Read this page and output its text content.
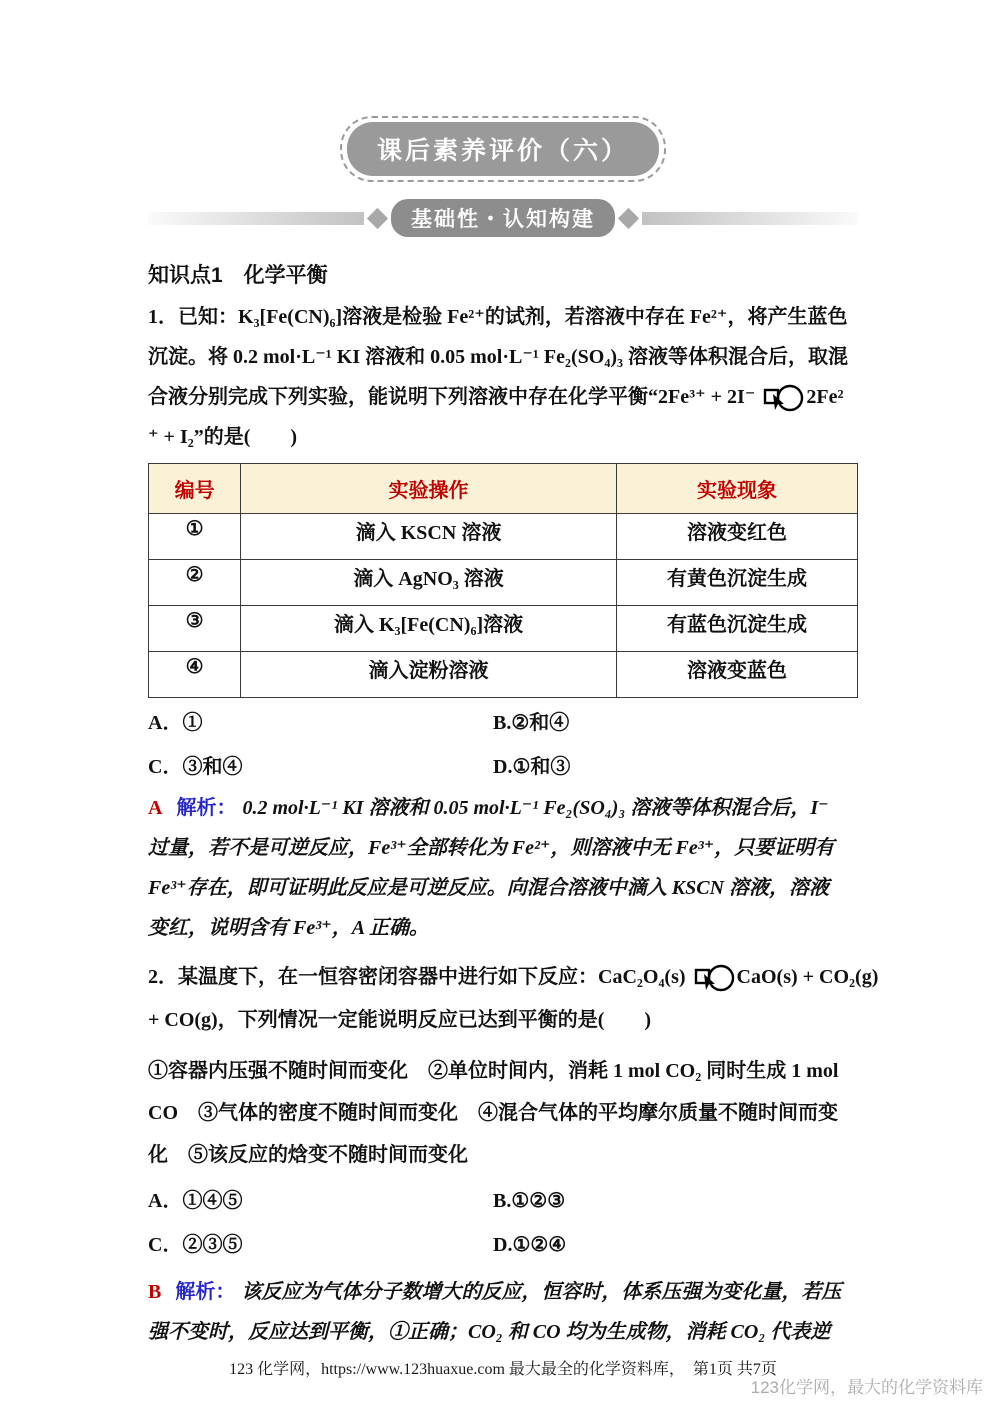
课后素养评价（六）
基础性・认知构建
知识点1　化学平衡
1．已知：K₃[Fe(CN)₆]溶液是检验 Fe²⁺的试剂，若溶液中存在 Fe²⁺，将产生蓝色
沉淀。将 0.2 mol·L⁻¹ KI 溶液和 0.05 mol·L⁻¹ Fe₂(SO₄)₃ 溶液等体积混合后，取混
合液分别完成下列实验，能说明下列溶液中存在化学平衡“2Fe³⁺ + 2I⁻ 2Fe²
⁺ + I₂”的是(　　)
编号	实验操作	实验现象
①	滴入 KSCN 溶液	溶液变红色
②	滴入 AgNO₃ 溶液	有黄色沉淀生成
③	滴入 K₃[Fe(CN)₆]溶液	有蓝色沉淀生成
④	滴入淀粉溶液	溶液变蓝色
A．①	B.②和④
C．③和④	D.①和③
A 解析： 0.2 mol·L⁻¹ KI 溶液和 0.05 mol·L⁻¹ Fe₂(SO₄)₃ 溶液等体积混合后，I⁻
过量，若不是可逆反应，Fe³⁺全部转化为 Fe²⁺，则溶液中无 Fe³⁺，只要证明有
Fe³⁺存在，即可证明此反应是可逆反应。向混合溶液中滴入 KSCN 溶液，溶液
变红，说明含有 Fe³⁺，A 正确。
2．某温度下，在一恒容密闭容器中进行如下反应：CaC₂O₄(s) CaO(s) + CO₂(g)
+ CO(g)，下列情况一定能说明反应已达到平衡的是(　　)
①容器内压强不随时间而变化　②单位时间内，消耗 1 mol CO₂ 同时生成 1 mol
CO　③气体的密度不随时间而变化　④混合气体的平均摩尔质量不随时间而变
化　⑤该反应的焓变不随时间而变化
A．①④⑤	B.①②③
C．②③⑤	D.①②④
B 解析： 该反应为气体分子数增大的反应，恒容时，体系压强为变化量，若压
强不变时，反应达到平衡，①正确；CO₂ 和 CO 均为生成物，消耗 CO₂ 代表逆
123 化学网，https://www.123huaxue.com 最大最全的化学资料库，　第1页 共7页
123化学网，最大的化学资料库
